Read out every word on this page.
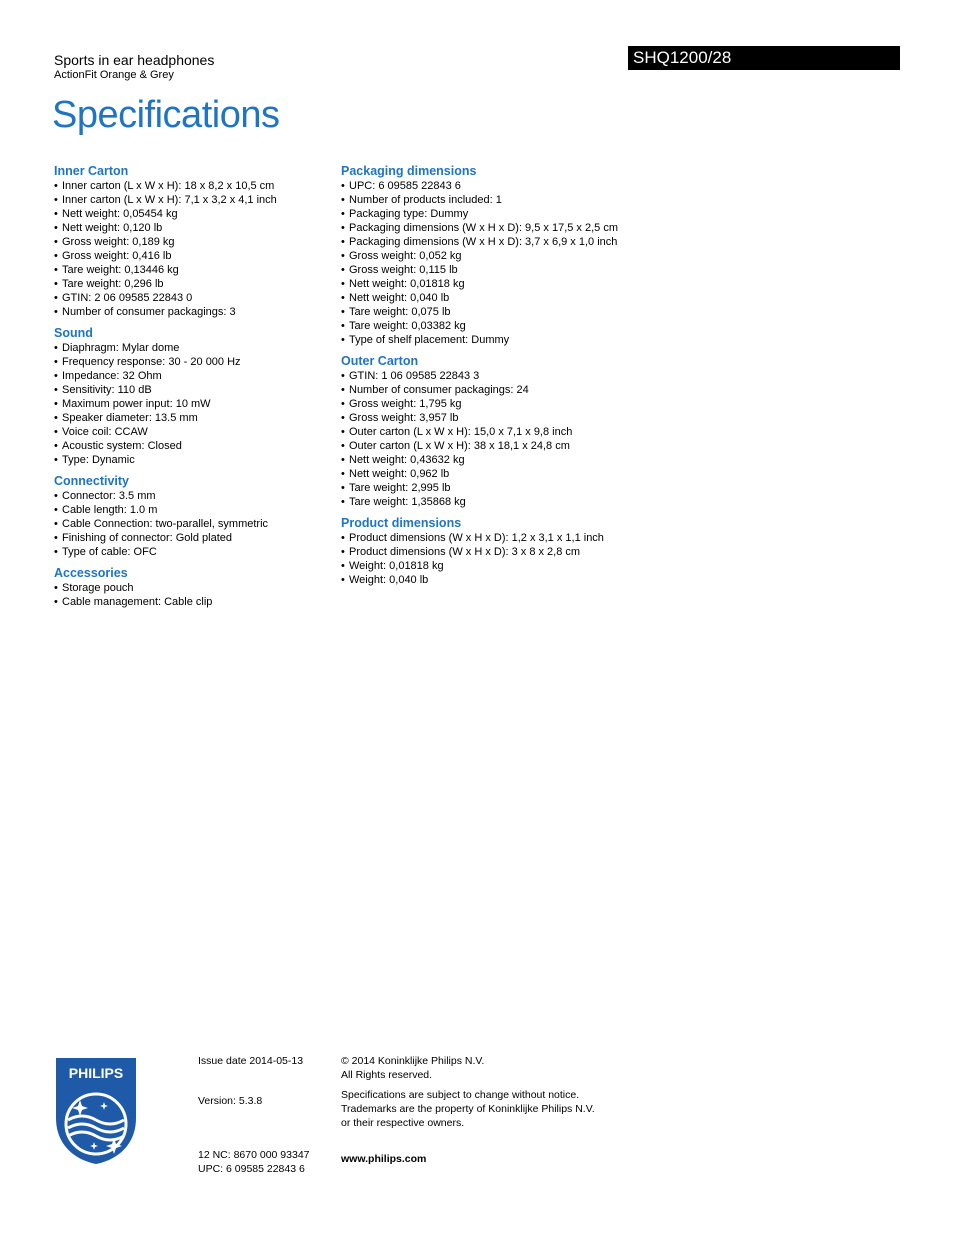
Sports in ear headphones
ActionFit Orange & Grey
SHQ1200/28
Specifications
Inner Carton
• Inner carton (L x W x H): 18 x 8,2 x 10,5 cm
• Inner carton (L x W x H): 7,1 x 3,2 x 4,1 inch
• Nett weight: 0,05454 kg
• Nett weight: 0,120 lb
• Gross weight: 0,189 kg
• Gross weight: 0,416 lb
• Tare weight: 0,13446 kg
• Tare weight: 0,296 lb
• GTIN: 2 06 09585 22843 0
• Number of consumer packagings: 3
Sound
• Diaphragm: Mylar dome
• Frequency response: 30 - 20 000 Hz
• Impedance: 32 Ohm
• Sensitivity: 110 dB
• Maximum power input: 10 mW
• Speaker diameter: 13.5 mm
• Voice coil: CCAW
• Acoustic system: Closed
• Type: Dynamic
Connectivity
• Connector: 3.5 mm
• Cable length: 1.0 m
• Cable Connection: two-parallel, symmetric
• Finishing of connector: Gold plated
• Type of cable: OFC
Accessories
• Storage pouch
• Cable management: Cable clip
Packaging dimensions
• UPC: 6 09585 22843 6
• Number of products included: 1
• Packaging type: Dummy
• Packaging dimensions (W x H x D): 9,5 x 17,5 x 2,5 cm
• Packaging dimensions (W x H x D): 3,7 x 6,9 x 1,0 inch
• Gross weight: 0,052 kg
• Gross weight: 0,115 lb
• Nett weight: 0,01818 kg
• Nett weight: 0,040 lb
• Tare weight: 0,075 lb
• Tare weight: 0,03382 kg
• Type of shelf placement: Dummy
Outer Carton
• GTIN: 1 06 09585 22843 3
• Number of consumer packagings: 24
• Gross weight: 1,795 kg
• Gross weight: 3,957 lb
• Outer carton (L x W x H): 15,0 x 7,1 x 9,8 inch
• Outer carton (L x W x H): 38 x 18,1 x 24,8 cm
• Nett weight: 0,43632 kg
• Nett weight: 0,962 lb
• Tare weight: 2,995 lb
• Tare weight: 1,35868 kg
Product dimensions
• Product dimensions (W x H x D): 1,2 x 3,1 x 1,1 inch
• Product dimensions (W x H x D): 3 x 8 x 2,8 cm
• Weight: 0,01818 kg
• Weight: 0,040 lb
PHILIPS
Issue date 2014-05-13
Version: 5.3.8
12 NC: 8670 000 93347
UPC: 6 09585 22843 6
© 2014 Koninklijke Philips N.V.
All Rights reserved.
Specifications are subject to change without notice.
Trademarks are the property of Koninklijke Philips N.V.
or their respective owners.
www.philips.com
